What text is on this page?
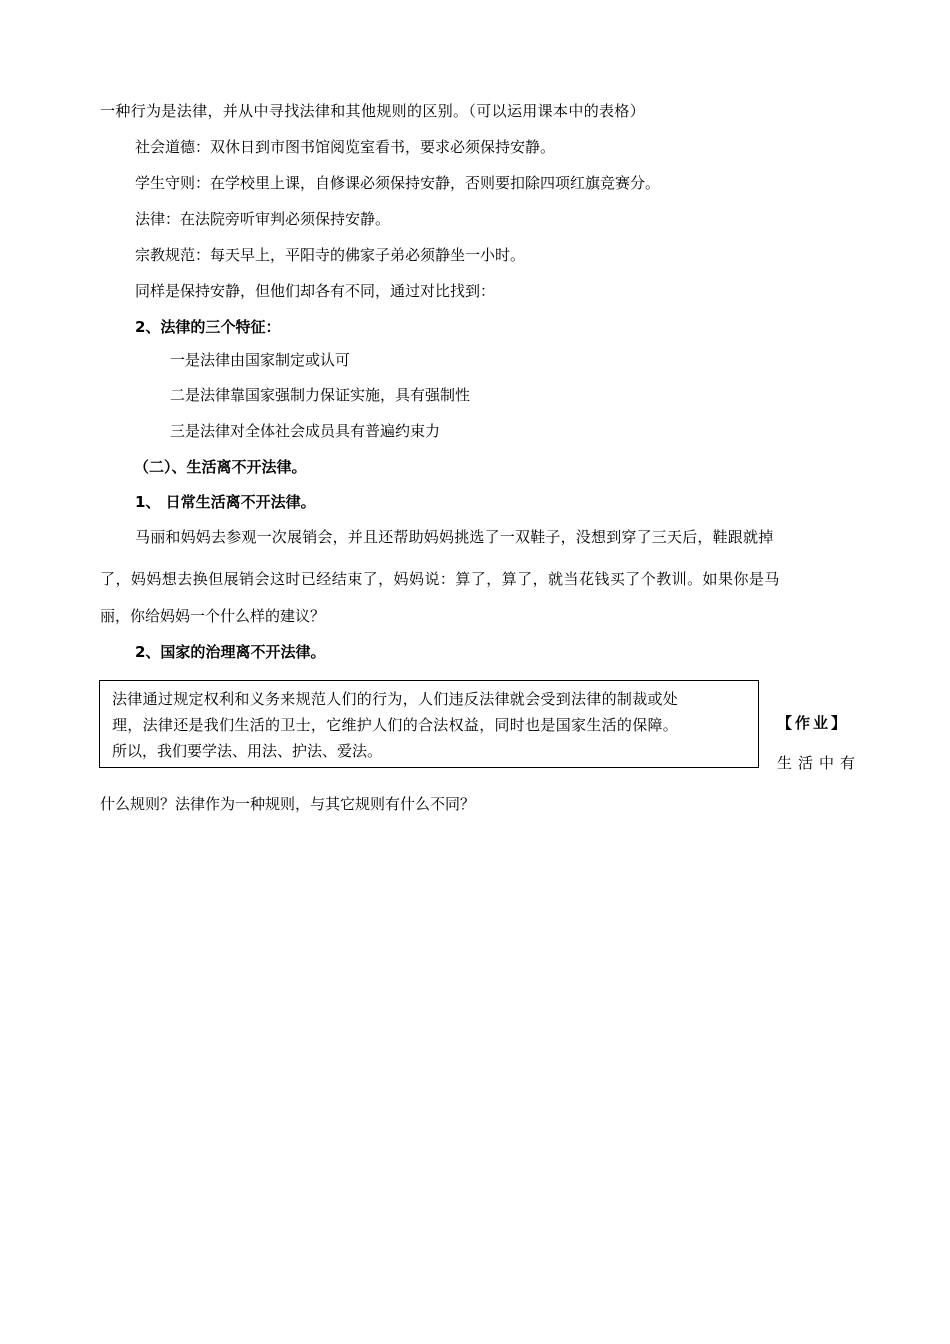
一种行为是法律，并从中寻找法律和其他规则的区别。（可以运用课本中的表格）
社会道德：双休日到市图书馆阅览室看书，要求必须保持安静。
学生守则：在学校里上课，自修课必须保持安静，否则要扣除四项红旗竞赛分。
法律：在法院旁听审判必须保持安静。
宗教规范：每天早上，平阳寺的佛家子弟必须静坐一小时。
同样是保持安静，但他们却各有不同，通过对比找到：
2、法律的三个特征：
一是法律由国家制定或认可
二是法律靠国家强制力保证实施，具有强制性
三是法律对全体社会成员具有普遍约束力
（二）、生活离不开法律。
1、 日常生活离不开法律。
马丽和妈妈去参观一次展销会，并且还帮助妈妈挑选了一双鞋子，没想到穿了三天后，鞋跟就掉
了，妈妈想去换但展销会这时已经结束了，妈妈说：算了，算了，就当花钱买了个教训。如果你是马
丽，你给妈妈一个什么样的建议？
2、国家的治理离不开法律。
法律通过规定权利和义务来规范人们的行为，人们违反法律就会受到法律的制裁或处
理，法律还是我们生活的卫士，它维护人们的合法权益，同时也是国家生活的保障。
所以，我们要学法、用法、护法、爱法。
【作业】
生活中有
什么规则？法律作为一种规则，与其它规则有什么不同？
